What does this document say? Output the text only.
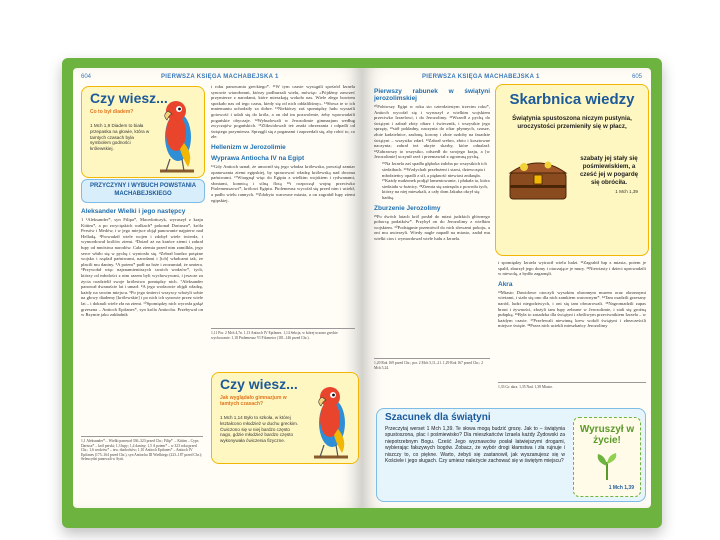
604	PIERWSZA KSIĘGA MACHABEJSKA 1
Czy wiesz...
Co to był diadem?
1 Mch 1,9 Diadem to biała przepaska na głowie, która w tamtych czasach była symbolem godności królewskiej.
PRZYCZYNY I WYBUCH POWSTANIA MACHABEJSKIEGO
Aleksander Wielki i jego następcy

1 ¹Aleksander*, syn Filipa*, Macedończyk, wyruszył z kraju Kittim*, a po zwycięskich walkach* pokonał Dariusza*, króla Persów i Medów, i w jego miejsce objął panowanie najpierw nad Helladą. ²Prowadził wiele wojen i zdobył wiele twierdz, i wymordował królów ziemi. ³Dotarł aż na krańce ziemi i zabrał łupy od mnóstwa narodów. Cała ziemia przed nim zamilkła, jego serce wbiło się w pychę i wyniosło się. ⁴Zebrał bardzo potężne wojsko i rządził państwami, narodami i [ich] władcami tak, że płacili mu daniny. ⁵A potem* padł na łoże i zrozumiał, że umiera. ⁶Przywołał więc najznamienitszych swoich wodzów*, tych, którzy od młodości z nim razem byli wychowywani, i jeszcze za życia rozdzielił swoje królestwo pomiędzy nich. ⁷Aleksander panował dwanaście lat i umarł. ⁸A jego wodzowie objęli władzę, każdy na swoim miejscu. ⁹Po jego śmierci wszyscy włożyli sobie na głowy diademy [królewskie] i po nich ich synowie przez wiele lat – i doknali wiele zła na ziemi. ¹⁰Spomiędzy nich wyrosła gałąź grzeszna – Antioch Epifanes*, syn króla Antiocha. Przebywał on w Rzymie jako zakładnik

1,1 Aleksander*... Wielki panował 336–323 przed Chr.; Filip* ... Kittim – Cypr; Dariusz* – król perski; 1,3 łupy; 1,4 daniny; 1,5 A potem* – w 323 roku przed Chr.; 1,6 wodzów* – tzw. diadochów; 1,10 Antioch Epifanes* – Antioch IV Epifanes (175–164 przed Chr.), syn Antiocha III Wielkiego (223–187 przed Chr.); Seleucydzi panowali w Syrii.

i roku panowania greckiego*. ¹¹W tym czasie wystąpili spośród Izraela synowie wiarołomni, którzy podburzali wielu, mówiąc: «Pójdźmy zawrzeć przymierze z narodami, które mieszkają wokoło nas. Wiele złego bowiem spotkało nas od tego czasu, kiedy się od nich oddaliliśmy». ¹²Słowa te w ich mniemaniu uchodziły za dobre. ¹³Niektórzy zaś spomiędzy ludu wyrazili gotowość i udali się do króla, a on dał im pozwolenie, żeby wprowadzili pogańskie obyczaje. ¹⁴Wybudowali w Jerozolimie gimnazjum według zwyczajów pogańskich. ¹⁵Zlikwidowali też znaki obrzezania i odpadli od świętego przymierza. Sprzęgli się z poganami i zaprzedali się, aby robić to, co złe.

Hellenizm w Jerozolimie
Wyprawa Antiocha IV na Egipt

¹⁶Gdy Antioch uznał, że umocnił się jego władza królewska, powziął zamiar opanowania ziemi egipskiej, by sprawować władzę królewską nad dwoma państwami. ¹⁷Wtargnął więc do Egiptu z wielkim wojskiem i rydwanami, słoniami, konnicą i silną flotą ¹⁸i rozpoczął wojnę przeciwko Ptolemeuszowi*, królowi Egiptu. Ptolemeusz wycofał się przed nim i uciekł, a padło wielu rannych. ¹⁹Zdobyto warowne miasta, a on zagrabił łupy ziemi egipskiej.

1,11 Por. 2 Mch 4,7n. 1,13 Antioch IV Epifanes. 1,14 Sekcja, w której uczono greckie wychowanie. 1,18 Ptolemeusz VI Filometor (181–146 przed Chr.).
Czy wiesz...
Jak wyglądało gimnazjum w tamtych czasach?
1 Mch 1,14 Było to szkoła, w której kształcono młodzież w duchu greckim. Ćwiczono się w niej bardzo często nago, gdzie młodzież bardzo często wykonywała ćwiczenia fizyczne.
PIERWSZA KSIĘGA MACHABEJSKA 1	605
Pierwszy rabunek w świątyni jerozolimskiej

²⁰Pobiwszy Egipt w roku sto czterdziestym trzecim roku*, Antioch wycofał się i wyruszył z wielkim wojskiem przeciwko Izraelowi, i do Jerozolimy. ²¹Wszedł z pychą do świątyni i zabrał złoty ołtarz i świecznik, i wszystkie jego sprzęty, ²²stół pokładny, naczynia do ofiar płynnych, czasze, złote kadzielnice, zasłonę, korony i złote ozdoby na fasadzie świątyni – wszystko zdarł. ²³Zabrał srebro, złoto i kosztowne naczynia; zabrał też ukryte skarby, które odnalazł. ²⁴Zabrawszy to wszystko, odszedł do swojego kraju, a [w Jerozolimie] uczynił rzeź i przemawiał z ogromną pychą.

²⁵Na Izraela zaś spadła głęboka żałoba po wszystkich ich siedzibach. ²⁶Wzdychali przełożeni i starsi, dziewczęta i młodzieńcy opadli z sił, a piękność niewiast zniknęła. ²⁷Każdy małżonek podjął lamentowanie, i płakała ta, która siedziała w łożnicy. ²⁸Ziemia się zatrzęsła z powodu tych, którzy na niej mieszkali, a cały dom Jakuba okrył się hańbą.

Zburzenie Jerozolimy

²⁹Po dwóch latach król posłał do miast judzkich głównego poborcę podatków*. Przybył on do Jerozolimy z wielkim wojskiem. ³⁰Podstępnie przemówił do nich słowami pokoju, a oni mu uwierzyli. Wtedy nagle napadł na miasto, zadał mu wielki cios i wymordował wiele ludu z Izraela.

1,20 Rok 169 przed Chr.; por. 2 Mch 5,11–21. 1,29 Rok 167 przed Chr.; 2 Mch 5,24.
Skarbnica wiedzy
Świątynia spustoszona niczym pustynia, uroczystości przemieniły się w płacz,
szabaty jej stały się pośmiewiskiem, a cześć jej w pogardę się obróciła.
1 Mch 1,39

i spomiędzy Izraela wytracił wielu ludzi. ³¹Zagrabił łup z miasta, potem je spalił, zburzył jego domy i otaczające je mury. ³²Niewiasty i dzieci uprowadzili w niewolę, a bydło zagarnęli.

Akra

³³Miasto Dawidowe otoczyli wysokim obronnym murem oraz obronnymi wieżami, i stało się ono dla nich zamkiem warownym*. ³⁴Tam osadzili grzeszny naród, ludzi niegodziwych, i oni się tam obwarowali. ³⁵Nagromadzili zapas broni i żywności, złożyli tam łupy zebrane w Jerozolimie, i stali się groźną pułapką. ³⁶Była to zasadzka dla świątyni i złośliwym przeciwnikiem Izraela – w każdym czasie. ³⁷Przelewali niewinną krew wokół świątyni i zbezcześcili miejsce święte. ³⁸Przez nich uciekli mieszkańcy Jerozolimy

1,33 Gr. akra. 1,35 Nad. 1,38 Miasto.
Szacunek dla świątyni
Przeczytaj werset 1 Mch 1,39. Te słowa mogą budzić grozę. Jak to – świątynia spustoszona, plac i pośmiewisko? Dla mieszkańców Izraela każdy Żydowski za niepotrzebnym Bogu. Cześć Jego wyznawców posłał łatwiejszymi drogami, wybierając fałszywych bogów. Zobacz, że wybór drogi kłamstwa i zła rujnuje i niszczy to, co piękne. Warto, żebyś się zastanowił, jak wyszanujesz się w Kościele i jego sługach. Czy umiesz należycie zachować się w świętym miejscu?
Wyruszył w życie!
1 Mch 1,39
